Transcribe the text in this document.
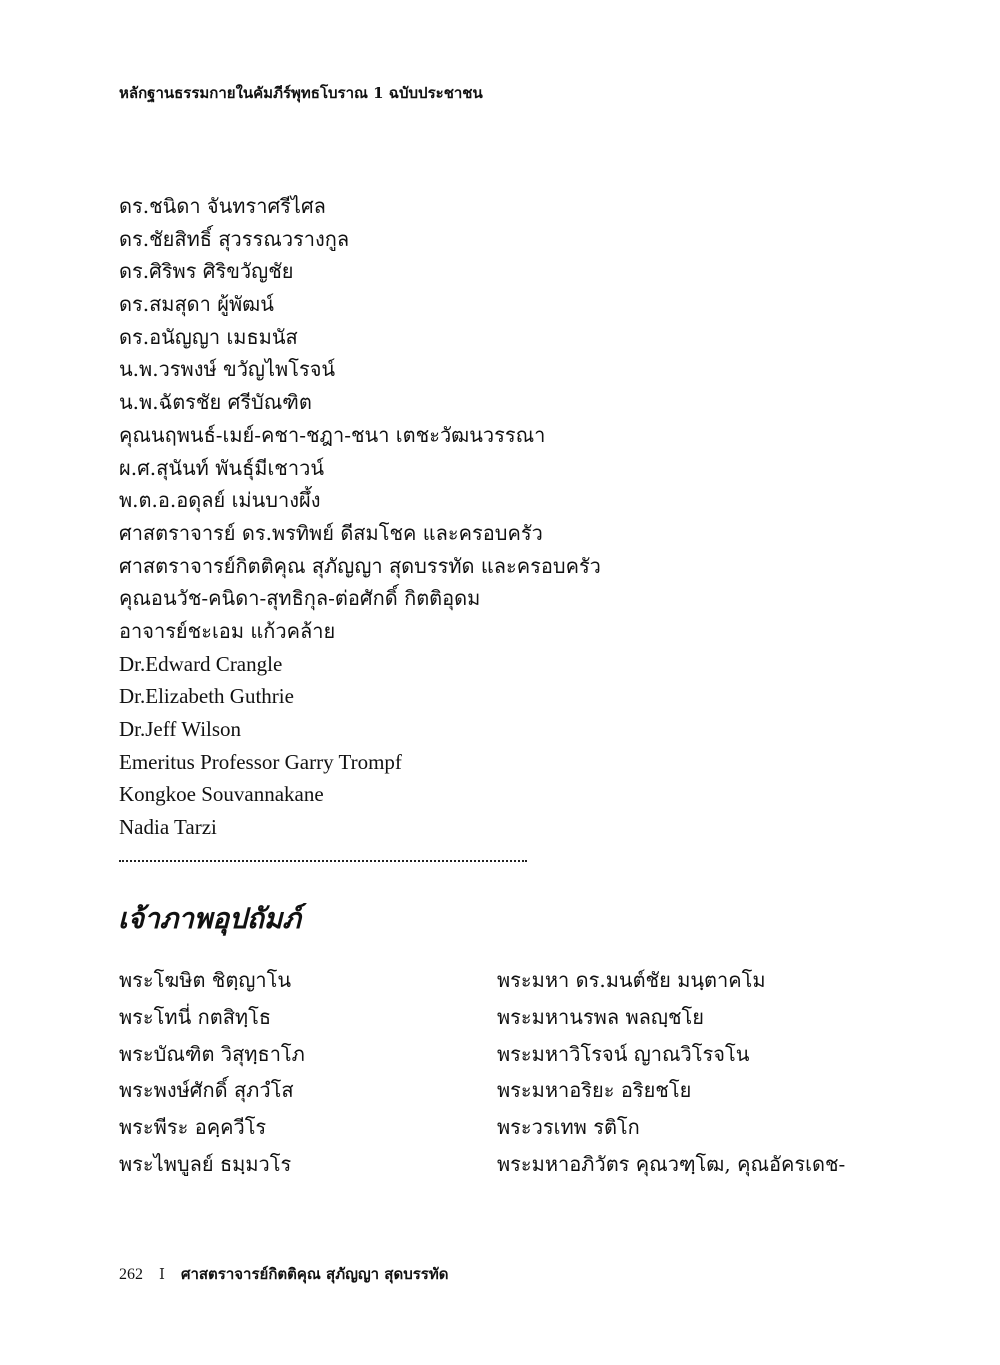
หลักฐานธรรมกายในคัมภีร์พุทธโบราณ 1 ฉบับประชาชน
ดร.ชนิดา จันทราศรีไศล
ดร.ชัยสิทธิ์ สุวรรณวรางกูล
ดร.ศิริพร ศิริขวัญชัย
ดร.สมสุดา ผู้พัฒน์
ดร.อนัญญา เมธมนัส
น.พ.วรพงษ์ ขวัญไพโรจน์
น.พ.ฉัตรชัย ศรีบัณฑิต
คุณนฤพนธ์-เมย์-คชา-ชฎา-ชนา เตชะวัฒนวรรณา
ผ.ศ.สุนันท์ พันธุ์มีเชาวน์
พ.ต.อ.อดุลย์ เม่นบางผึ้ง
ศาสตราจารย์ ดร.พรทิพย์ ดีสมโชค และครอบครัว
ศาสตราจารย์กิตติคุณ สุภัญญา สุดบรรทัด และครอบครัว
คุณอนวัช-คนิดา-สุทธิกุล-ต่อศักดิ์ กิตติอุดม
อาจารย์ชะเอม แก้วคล้าย
Dr.Edward Crangle
Dr.Elizabeth Guthrie
Dr.Jeff Wilson
Emeritus Professor Garry Trompf
Kongkoe Souvannakane
Nadia Tarzi
เจ้าภาพอุปถัมภ์
พระโฆษิต ชิตฺญาโน
พระโทนี่ กตสิทฺโธ
พระบัณฑิต วิสุทฺธาโภ
พระพงษ์ศักดิ์ สุภวํโส
พระพีระ อคฺควีโร
พระไพบูลย์ ธมฺมวโร
พระมหา ดร.มนต์ชัย มนฺตาคโม
พระมหานรพล พลญฺชโย
พระมหาวิโรจน์ ญาณวิโรจโน
พระมหาอริยะ อริยชโย
พระวรเทพ รติโก
พระมหาอภิวัตร คุณวฑฺโฒ, คุณอัครเดช-
262 I ศาสตราจารย์กิตติคุณ สุภัญญา สุดบรรทัด
